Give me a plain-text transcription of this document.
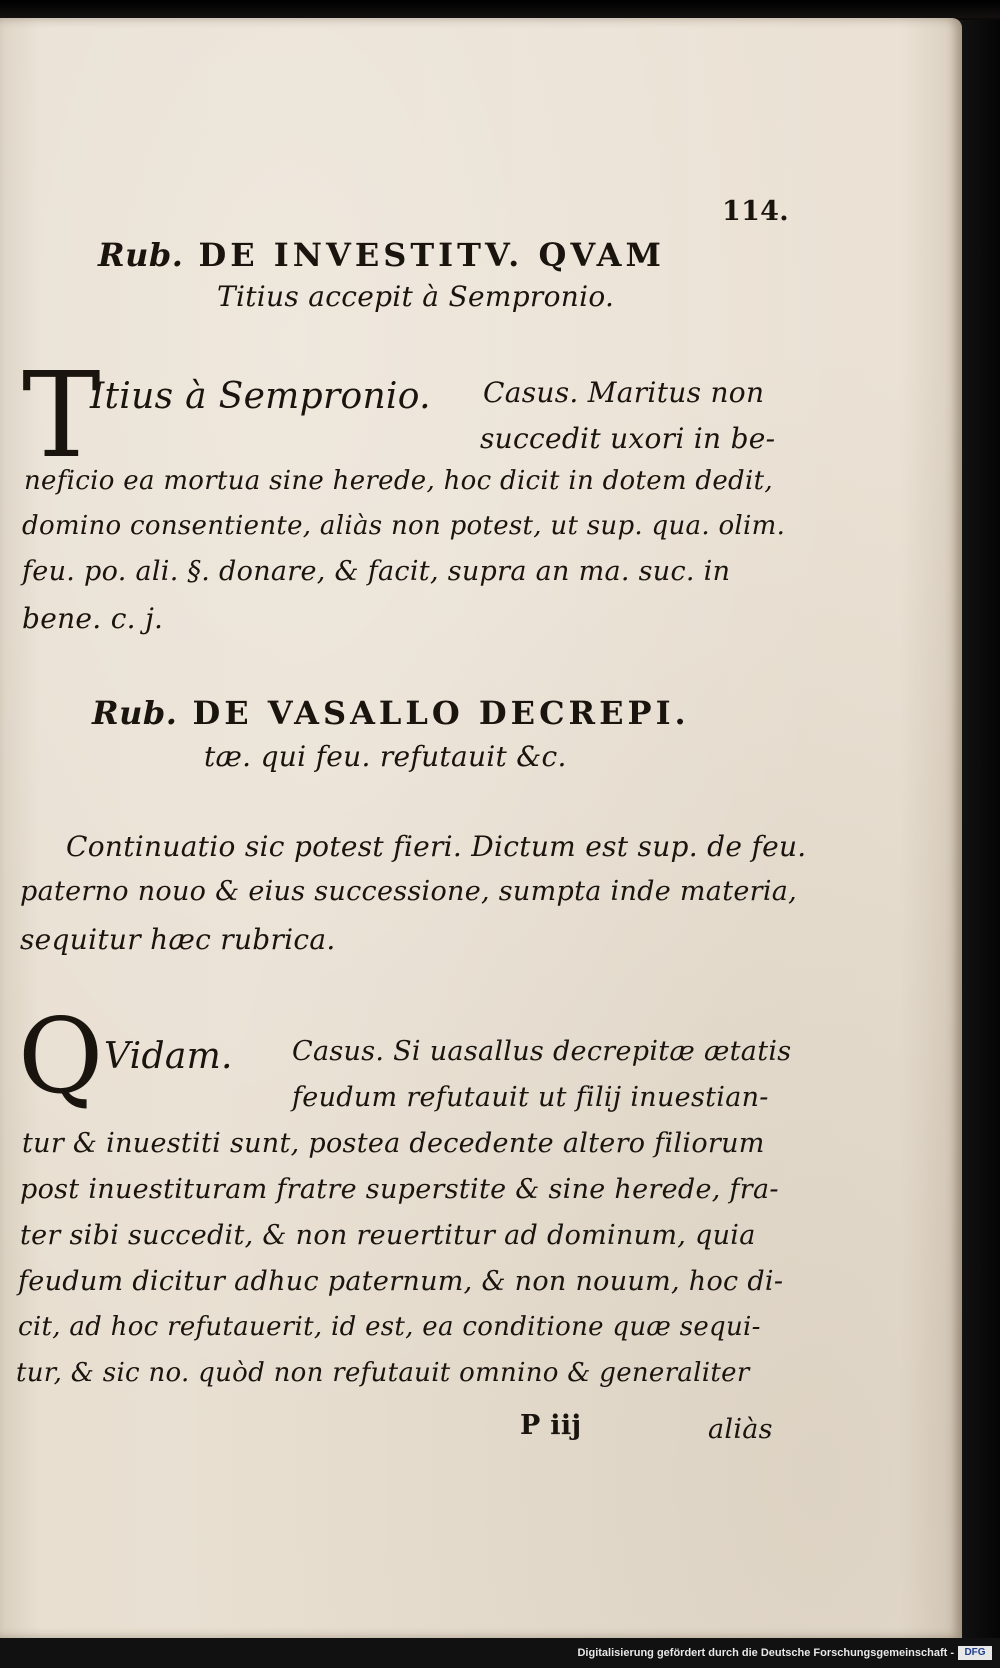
114.
Rub. DE INVESTITV. QVAM
Titius accepit à Sempronio.
T
Itius à Sempronio. Casus. Maritus non
succedit uxori in be-
neficio ea mortua sine herede, hoc dicit in dotem dedit,
domino consentiente, aliàs non potest, ut sup. qua. olim.
feu. po. ali. §. donare, & facit, supra an ma. suc. in
bene. c. j.
Rub. DE VASALLO DECREPI.
tæ. qui feu. refutauit &c.
Continuatio sic potest fieri. Dictum est sup. de feu.
paterno nouo & eius successione, sumpta inde materia,
sequitur hæc rubrica.
Q Vidam. Casus. Si uasallus decrepitæ ætatis
feudum refutauit ut filij inuestian-
tur & inuestiti sunt, postea decedente altero filiorum
post inuestituram fratre superstite & sine herede, fra-
ter sibi succedit, & non reuertitur ad dominum, quia
feudum dicitur adhuc paternum, & non nouum, hoc di-
cit, ad hoc refutauerit, id est, ea conditione quæ sequi-
tur, & sic no. quòd non refutauit omnino & generaliter
P iij	aliàs
Digitalisierung gefördert durch die Deutsche Forschungsgemeinschaft -	DFG
